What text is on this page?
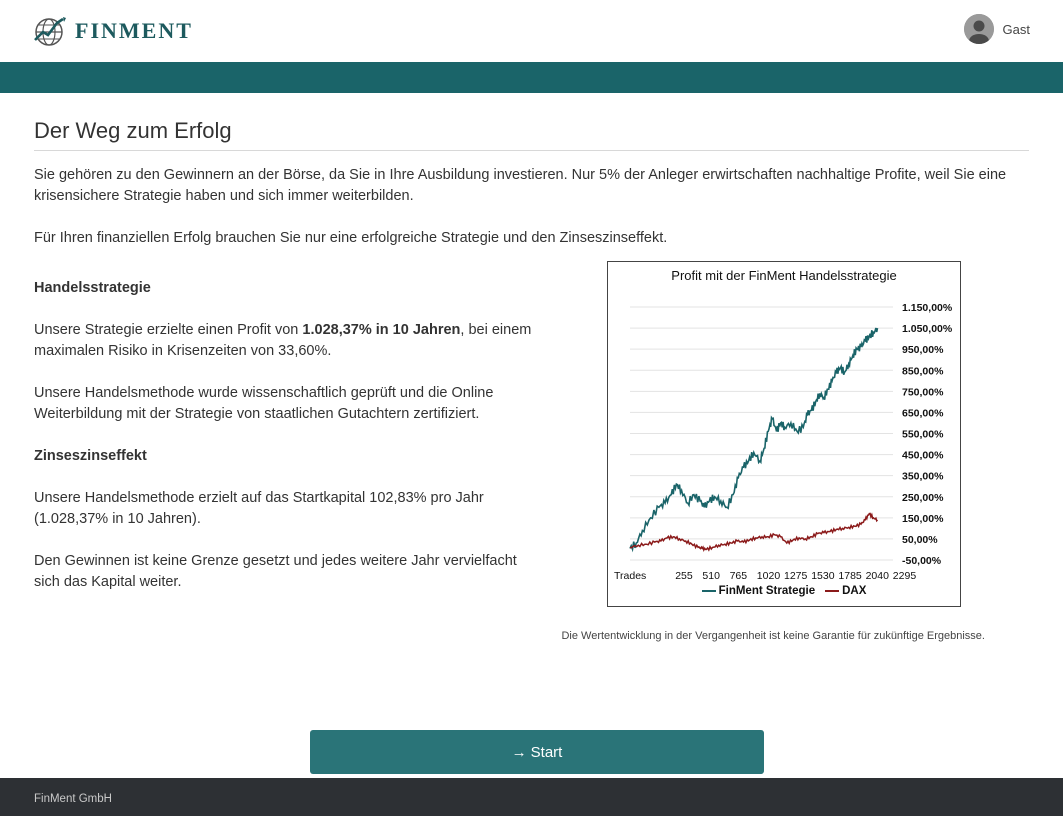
FINMENT	Gast
Der Weg zum Erfolg

Sie gehören zu den Gewinnern an der Börse, da Sie in Ihre Ausbildung investieren. Nur 5% der Anleger erwirtschaften nachhaltige Profite, weil Sie eine krisensichere Strategie haben und sich immer weiterbilden.

Für Ihren finanziellen Erfolg brauchen Sie nur eine erfolgreiche Strategie und den Zinseszinseffekt.

Handelsstrategie

Unsere Strategie erzielte einen Profit von 1.028,37% in 10 Jahren, bei einem maximalen Risiko in Krisenzeiten von 33,60%.

Unsere Handelsmethode wurde wissenschaftlich geprüft und die Online Weiterbildung mit der Strategie von staatlichen Gutachtern zertifiziert.

Zinseszinseffekt

Unsere Handelsmethode erzielt auf das Startkapital 102,83% pro Jahr (1.028,37% in 10 Jahren).

Den Gewinnen ist keine Grenze gesetzt und jedes weitere Jahr vervielfacht sich das Kapital weiter.

Profit mit der FinMent Handelsstrategie
1.150,00%
1.050,00%
950,00%
850,00%
750,00%
650,00%
550,00%
450,00%
350,00%
250,00%
150,00%
50,00%
-50,00%
Trades	255 510 765 1020 1275 1530 1785 2040 2295
FinMent Strategie DAX
Die Wertentwicklung in der Vergangenheit ist keine Garantie für zukünftige Ergebnisse.
→ Start
FinMent GmbH
